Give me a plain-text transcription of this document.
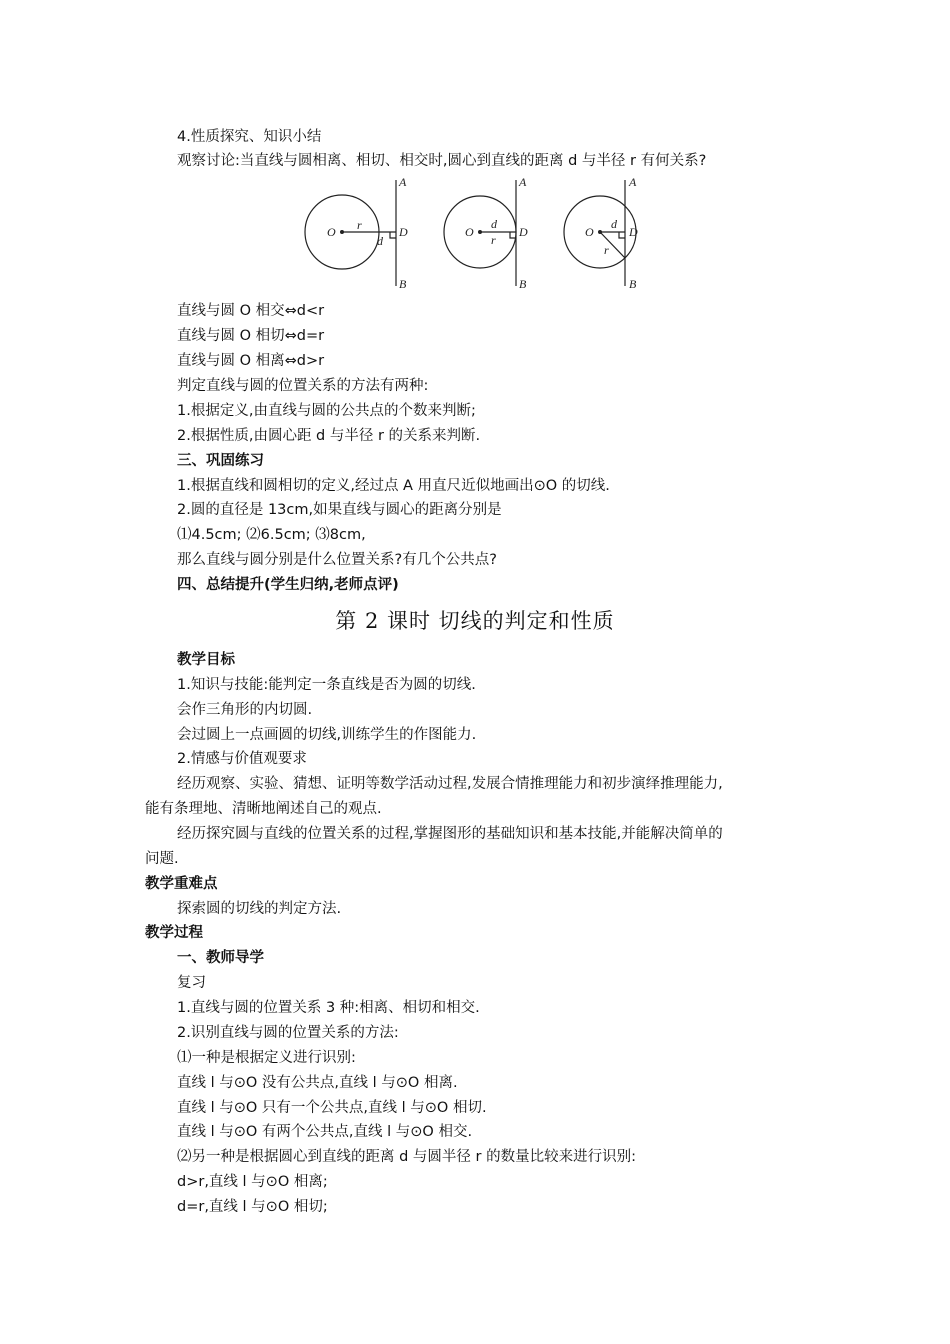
4.性质探究、知识小结
观察讨论:当直线与圆相离、相切、相交时,圆心到直线的距离 d 与半径 r 有何关系?
O r
d
A
D
B
O
d
r
A
D
B
O
d
r
A
D
B
直线与圆 O 相交⇔d<r
直线与圆 O 相切⇔d=r
直线与圆 O 相离⇔d>r
判定直线与圆的位置关系的方法有两种:
1.根据定义,由直线与圆的公共点的个数来判断;
2.根据性质,由圆心距 d 与半径 r 的关系来判断.
三、巩固练习
1.根据直线和圆相切的定义,经过点 A 用直尺近似地画出⊙O 的切线.
2.圆的直径是 13cm,如果直线与圆心的距离分别是
⑴4.5cm; ⑵6.5cm; ⑶8cm,
那么直线与圆分别是什么位置关系?有几个公共点?
四、总结提升(学生归纳,老师点评)
第 2 课时 切线的判定和性质
教学目标
1.知识与技能:能判定一条直线是否为圆的切线.
会作三角形的内切圆.
会过圆上一点画圆的切线,训练学生的作图能力.
2.情感与价值观要求
经历观察、实验、猜想、证明等数学活动过程,发展合情推理能力和初步演绎推理能力,
能有条理地、清晰地阐述自己的观点.
经历探究圆与直线的位置关系的过程,掌握图形的基础知识和基本技能,并能解决简单的
问题.
教学重难点
探索圆的切线的判定方法.
教学过程
一、教师导学
复习
1.直线与圆的位置关系 3 种:相离、相切和相交.
2.识别直线与圆的位置关系的方法:
⑴一种是根据定义进行识别:
直线 l 与⊙O 没有公共点,直线 l 与⊙O 相离.
直线 l 与⊙O 只有一个公共点,直线 l 与⊙O 相切.
直线 l 与⊙O 有两个公共点,直线 l 与⊙O 相交.
⑵另一种是根据圆心到直线的距离 d 与圆半径 r 的数量比较来进行识别:
d>r,直线 l 与⊙O 相离;
d=r,直线 l 与⊙O 相切;
